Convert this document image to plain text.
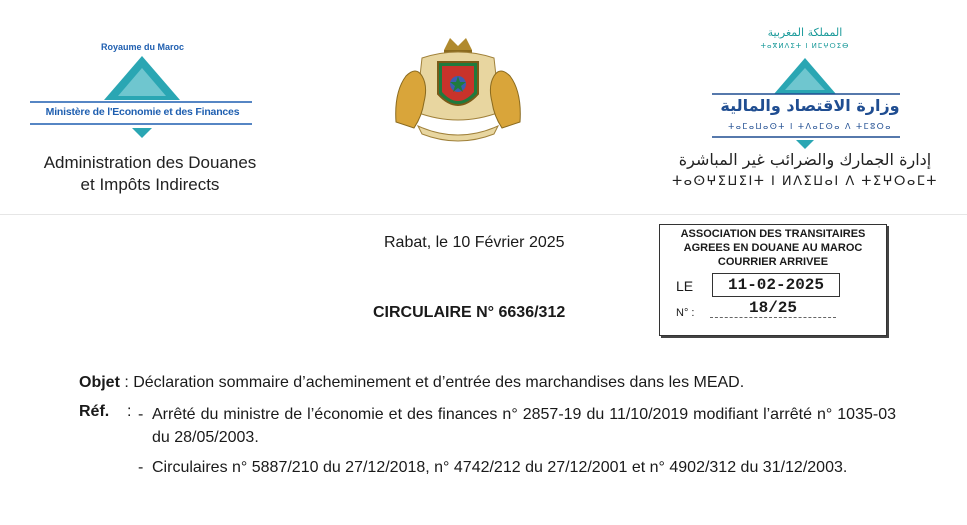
Royaume du Maroc
Ministère de l'Economie et des Finances
Administration des Douanes
et Impôts Indirects
المملكة المغربية
ⵜⴰⴳⵍⴷⵉⵜ ⵏ ⵍⵎⵖⵔⵉⴱ
وزارة الاقتصاد والمالية
ⵜⴰⵎⴰⵡⴰⵙⵜ ⵏ ⵜⴷⴰⵎⵙⴰ ⴷ ⵜⵎⵓⵔⴰ
إدارة الجمارك والضرائب غير المباشرة
ⵜⴰⵙⵖⵉⵡⵉⵏⵜ ⵏ ⵍⴷⵉⵡⴰⵏ ⴷ ⵜⵉⵖⵔⴰⵎⵜ
Rabat, le 10 Février 2025
CIRCULAIRE N° 6636/312
ASSOCIATION DES TRANSITAIRES
AGREES EN DOUANE AU MAROC
COURRIER ARRIVEE
LE	11-02-2025
N° :	18/25
Objet : Déclaration sommaire d’acheminement et d’entrée des marchandises dans les MEAD.
Réf. : - Arrêté du ministre de l’économie et des finances n° 2857-19 du 11/10/2019 modifiant l’arrêté n° 1035-03 du 28/05/2003.
- Circulaires n° 5887/210 du 27/12/2018, n° 4742/212 du 27/12/2001 et n° 4902/312 du 31/12/2003.
